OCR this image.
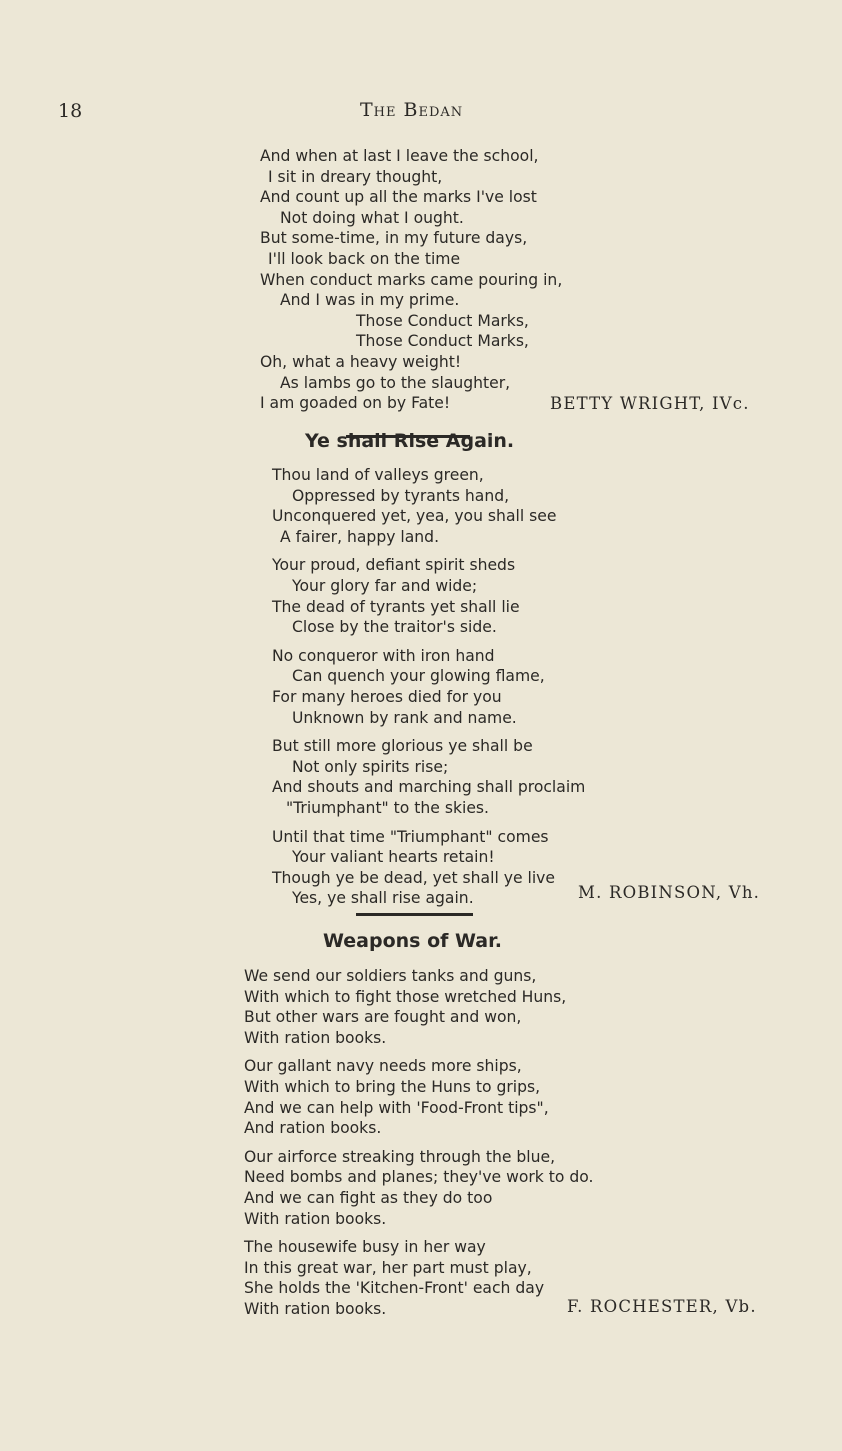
18	The Bedan
And when at last I leave the school,
I sit in dreary thought,
And count up all the marks I've lost
Not doing what I ought.
But some-time, in my future days,
I'll look back on the time
When conduct marks came pouring in,
And I was in my prime.
Those Conduct Marks,
Those Conduct Marks,
Oh, what a heavy weight!
As lambs go to the slaughter,
I am goaded on by Fate!	BETTY WRIGHT, IVc.
Ye shall Rise Again.
Thou land of valleys green,
Oppressed by tyrants hand,
Unconquered yet, yea, you shall see
A fairer, happy land.
Your proud, defiant spirit sheds
Your glory far and wide;
The dead of tyrants yet shall lie
Close by the traitor's side.
No conqueror with iron hand
Can quench your glowing flame,
For many heroes died for you
Unknown by rank and name.
But still more glorious ye shall be
Not only spirits rise;
And shouts and marching shall proclaim
"Triumphant" to the skies.
Until that time "Triumphant" comes
Your valiant hearts retain!
Though ye be dead, yet shall ye live
Yes, ye shall rise again.	M. ROBINSON, Vh.
Weapons of War.
We send our soldiers tanks and guns,
With which to fight those wretched Huns,
But other wars are fought and won,
With ration books.
Our gallant navy needs more ships,
With which to bring the Huns to grips,
And we can help with 'Food-Front tips",
And ration books.
Our airforce streaking through the blue,
Need bombs and planes; they've work to do.
And we can fight as they do too
With ration books.
The housewife busy in her way
In this great war, her part must play,
She holds the 'Kitchen-Front' each day
With ration books.	F. ROCHESTER, Vb.
